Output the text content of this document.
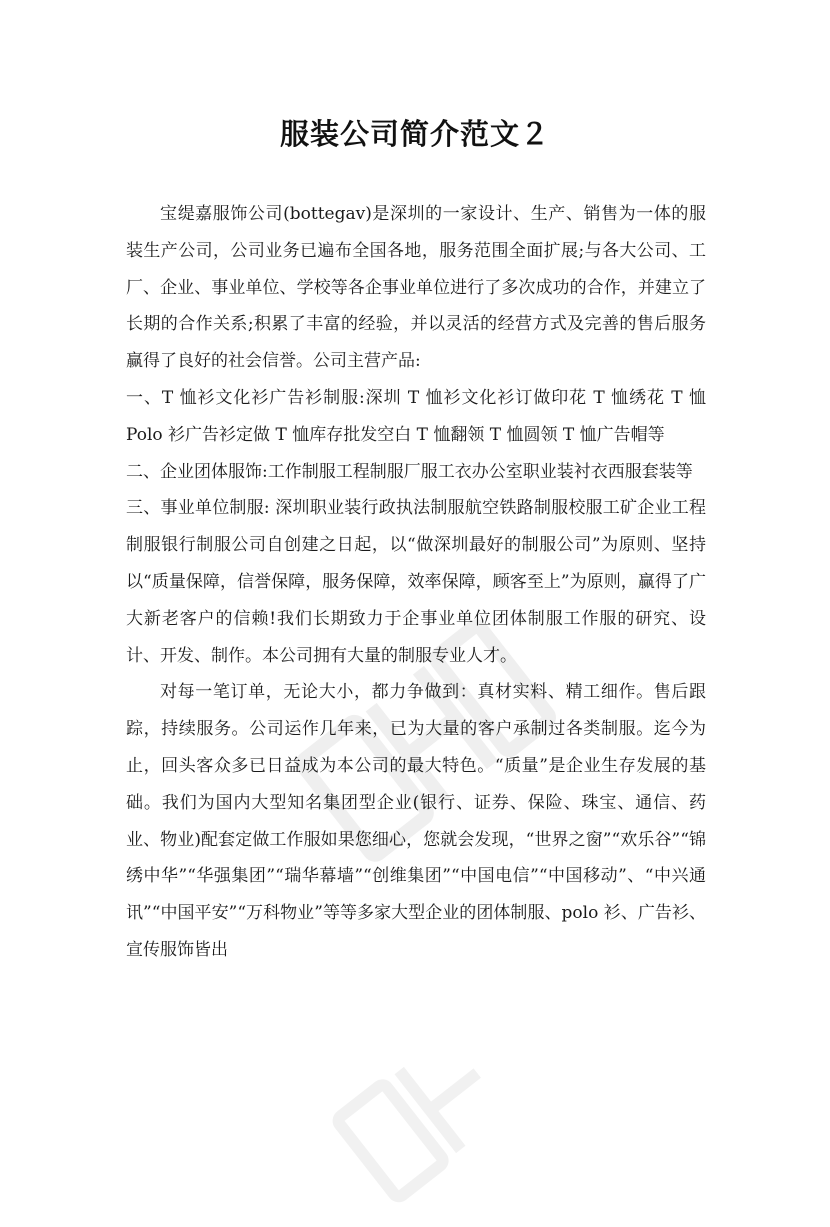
服装公司简介范文２

宝缇嘉服饰公司(bottegav)是深圳的一家设计、生产、销售为一体的服装生产公司，公司业务已遍布全国各地，服务范围全面扩展;与各大公司、工厂、企业、事业单位、学校等各企事业单位进行了多次成功的合作，并建立了长期的合作关系;积累了丰富的经验，并以灵活的经营方式及完善的售后服务赢得了良好的社会信誉。公司主营产品:

一、T 恤衫文化衫广告衫制服:深圳 T 恤衫文化衫订做印花 T 恤绣花 T 恤 Polo 衫广告衫定做 T 恤库存批发空白 T 恤翻领 T 恤圆领 T 恤广告帽等

二、企业团体服饰:工作制服工程制服厂服工衣办公室职业装衬衣西服套装等

三、事业单位制服: 深圳职业装行政执法制服航空铁路制服校服工矿企业工程制服银行制服公司自创建之日起，以“做深圳最好的制服公司”为原则、坚持以“质量保障，信誉保障，服务保障，效率保障，顾客至上”为原则，赢得了广大新老客户的信赖!我们长期致力于企事业单位团体制服工作服的研究、设计、开发、制作。本公司拥有大量的制服专业人才。

对每一笔订单，无论大小，都力争做到：真材实料、精工细作。售后跟踪，持续服务。公司运作几年来，已为大量的客户承制过各类制服。迄今为止，回头客众多已日益成为本公司的最大特色。“质量”是企业生存发展的基础。我们为国内大型知名集团型企业(银行、证券、保险、珠宝、通信、药业、物业)配套定做工作服如果您细心，您就会发现，“世界之窗”“欢乐谷”“锦绣中华”“华强集团”“瑞华幕墙”“创维集团”“中国电信”“中国移动”、“中兴通讯”“中国平安”“万科物业”等等多家大型企业的团体制服、polo 衫、广告衫、宣传服饰皆出
